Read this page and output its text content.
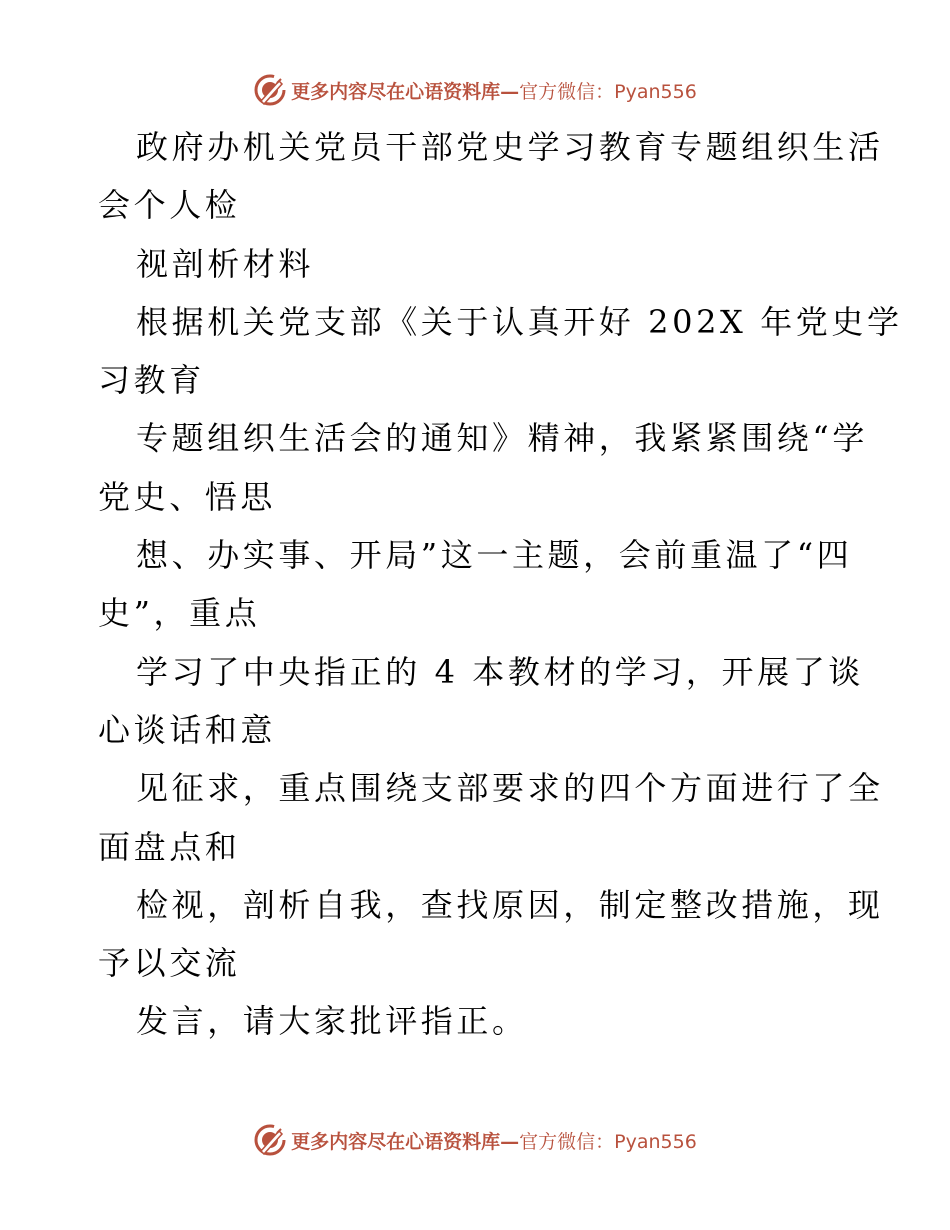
更多内容尽在心语资料库—官方微信：Pyan556
政府办机关党员干部党史学习教育专题组织生活
会个人检
视剖析材料
根据机关党支部《关于认真开好 202X 年党史学
习教育
专题组织生活会的通知》精神，我紧紧围绕“学
党史、悟思
想、办实事、开局”这一主题，会前重温了“四
史”，重点
学习了中央指正的 4 本教材的学习，开展了谈
心谈话和意
见征求，重点围绕支部要求的四个方面进行了全
面盘点和
检视，剖析自我，查找原因，制定整改措施，现
予以交流
发言，请大家批评指正。
更多内容尽在心语资料库—官方微信：Pyan556
